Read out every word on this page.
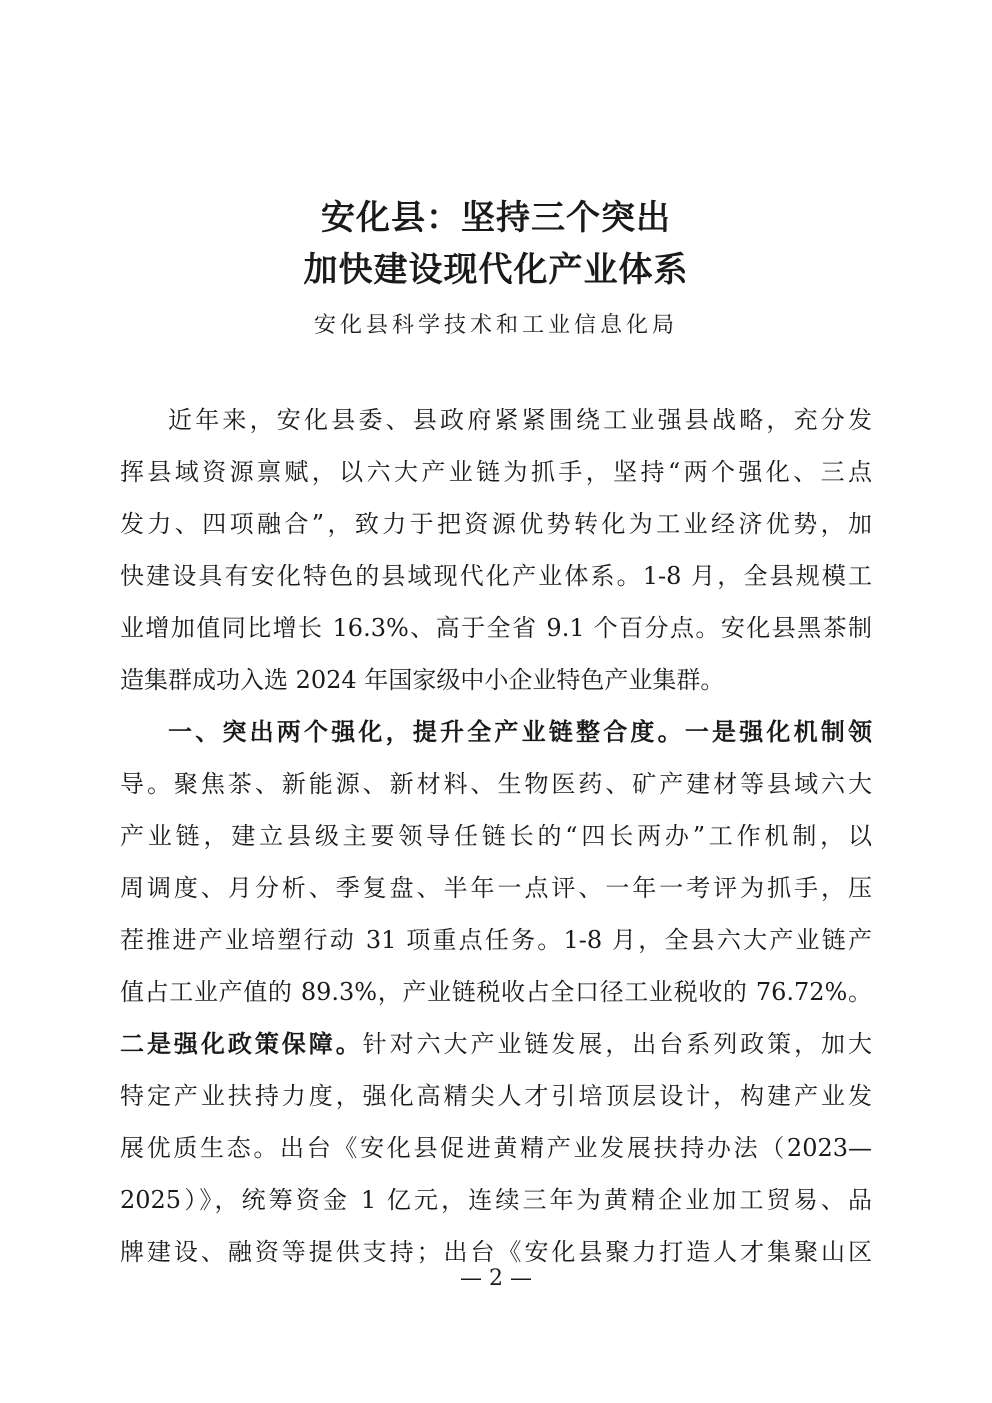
安化县：坚持三个突出
加快建设现代化产业体系
安化县科学技术和工业信息化局
近年来，安化县委、县政府紧紧围绕工业强县战略，充分发
挥县域资源禀赋，以六大产业链为抓手，坚持“两个强化、三点
发力、四项融合”，致力于把资源优势转化为工业经济优势，加
快建设具有安化特色的县域现代化产业体系。1-8 月，全县规模工
业增加值同比增长 16.3%、高于全省 9.1 个百分点。安化县黑茶制
造集群成功入选 2024 年国家级中小企业特色产业集群。
一、突出两个强化，提升全产业链整合度。一是强化机制领
导。聚焦茶、新能源、新材料、生物医药、矿产建材等县域六大
产业链，建立县级主要领导任链长的“四长两办”工作机制，以
周调度、月分析、季复盘、半年一点评、一年一考评为抓手，压
茬推进产业培塑行动 31 项重点任务。1-8 月，全县六大产业链产
值占工业产值的 89.3%，产业链税收占全口径工业税收的 76.72%。
二是强化政策保障。针对六大产业链发展，出台系列政策，加大
特定产业扶持力度，强化高精尖人才引培顶层设计，构建产业发
展优质生态。出台《安化县促进黄精产业发展扶持办法（2023—
2025）》，统筹资金 1 亿元，连续三年为黄精企业加工贸易、品
牌建设、融资等提供支持；出台《安化县聚力打造人才集聚山区
— 2 —
